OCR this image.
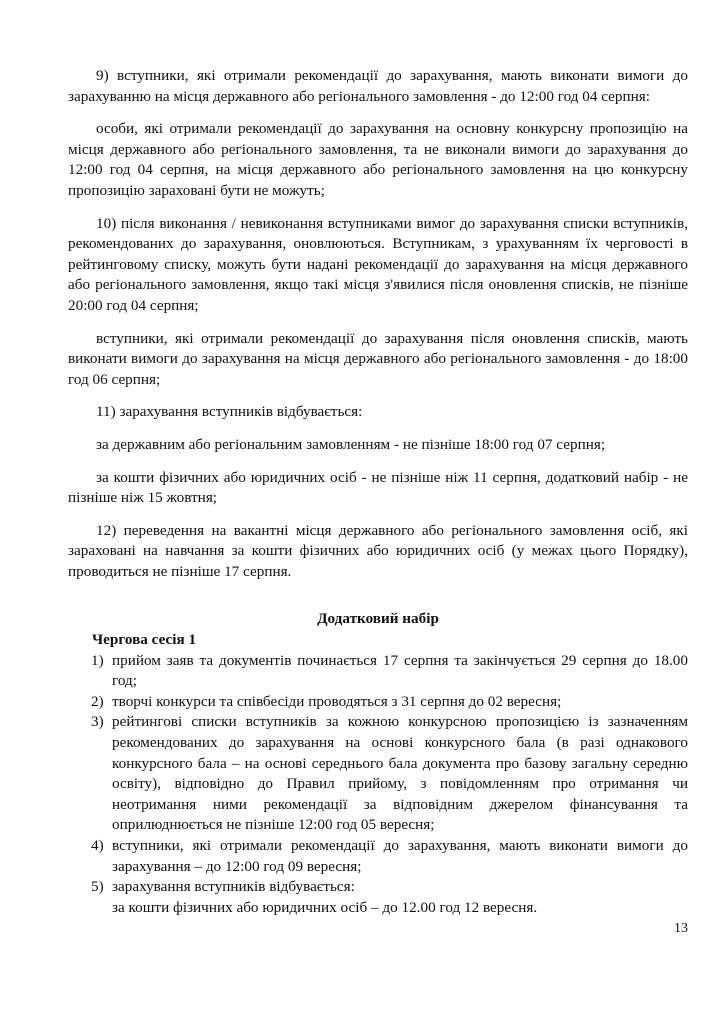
9) вступники, які отримали рекомендації до зарахування, мають виконати вимоги до зарахуванню на місця державного або регіонального замовлення - до 12:00 год 04 серпня:

особи, які отримали рекомендації до зарахування на основну конкурсну пропозицію на місця державного або регіонального замовлення, та не виконали вимоги до зарахування до 12:00 год 04 серпня, на місця державного або регіонального замовлення на цю конкурсну пропозицію зараховані бути не можуть;

10) після виконання / невиконання вступниками вимог до зарахування списки вступників, рекомендованих до зарахування, оновлюються. Вступникам, з урахуванням їх черговості в рейтинговому списку, можуть бути надані рекомендації до зарахування на місця державного або регіонального замовлення, якщо такі місця з'явилися після оновлення списків, не пізніше 20:00 год 04 серпня;

вступники, які отримали рекомендації до зарахування після оновлення списків, мають виконати вимоги до зарахування на місця державного або регіонального замовлення - до 18:00 год 06 серпня;

11) зарахування вступників відбувається:

за державним або регіональним замовленням - не пізніше 18:00 год 07 серпня;

за кошти фізичних або юридичних осіб - не пізніше ніж 11 серпня, додатковий набір - не пізніше ніж 15 жовтня;

12) переведення на вакантні місця державного або регіонального замовлення осіб, які зараховані на навчання за кошти фізичних або юридичних осіб (у межах цього Порядку), проводиться не пізніше 17 серпня.

Додатковий набір
Чергова сесія 1
1) прийом заяв та документів починається 17 серпня та закінчується 29 серпня до 18.00 год;
2) творчі конкурси та співбесіди проводяться з 31 серпня до 02 вересня;
3) рейтингові списки вступників за кожною конкурсною пропозицією із зазначенням рекомендованих до зарахування на основі конкурсного бала (в разі однакового конкурсного бала – на основі середнього бала документа про базову загальну середню освіту), відповідно до Правил прийому, з повідомленням про отримання чи неотримання ними рекомендації за відповідним джерелом фінансування та оприлюднюється не пізніше 12:00 год 05 вересня;
4) вступники, які отримали рекомендації до зарахування, мають виконати вимоги до зарахування – до 12:00 год 09 вересня;
5) зарахування вступників відбувається:
за кошти фізичних або юридичних осіб – до 12.00 год 12 вересня.
13
